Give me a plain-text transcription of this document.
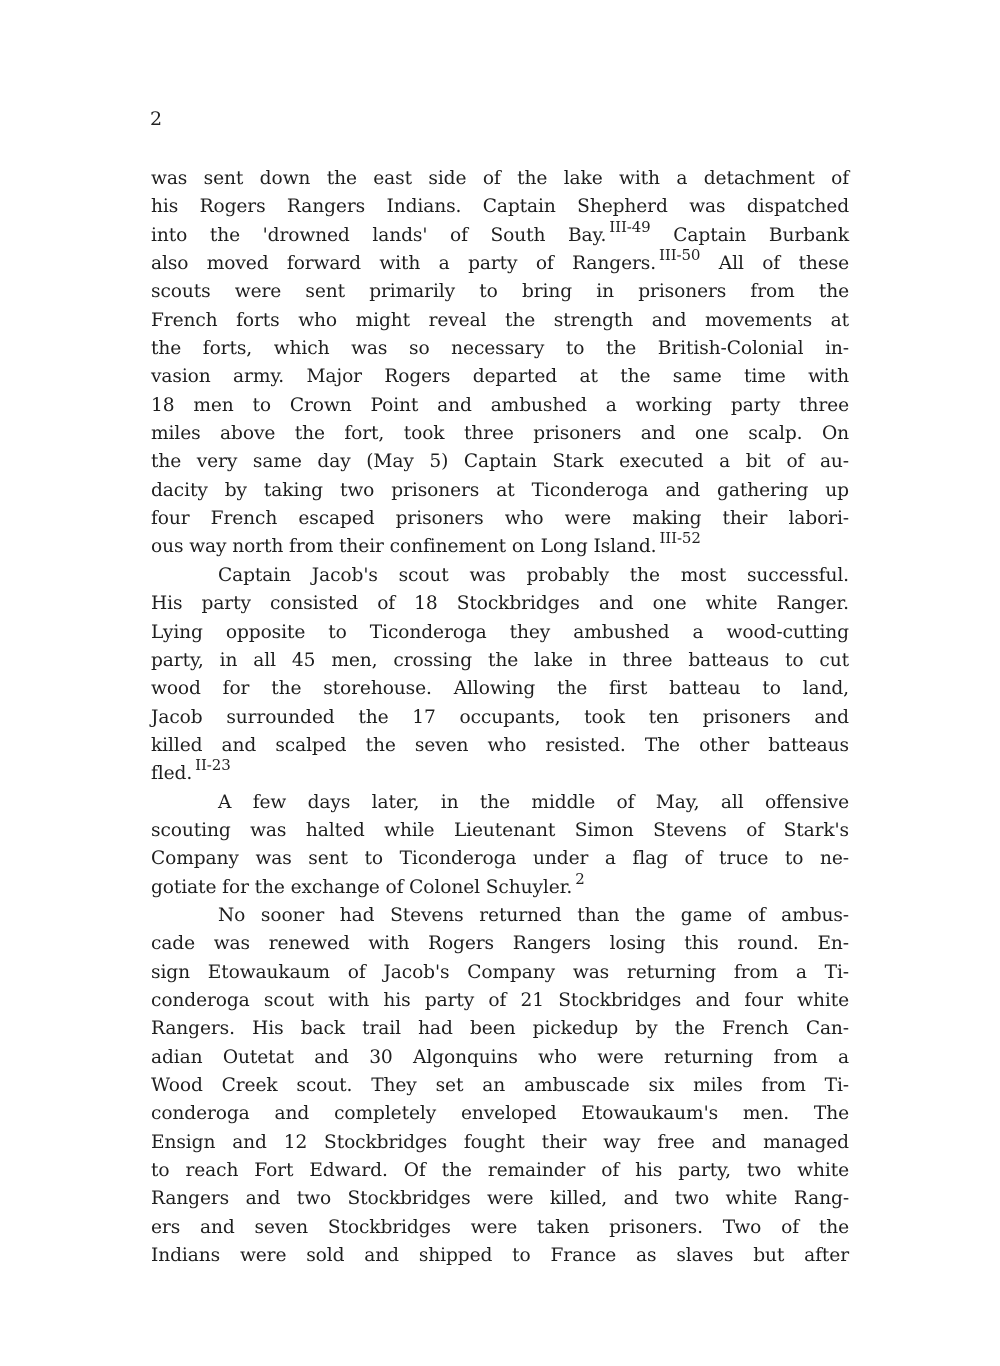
2
was sent down the east side of the lake with a detachment of
his Rogers Rangers Indians. Captain Shepherd was dispatched
into the 'drowned lands' of South Bay. $^{III-49}$ Captain Burbank
also moved forward with a party of Rangers. $^{III-50}$ All of these
scouts were sent primarily to bring in prisoners from the
French forts who might reveal the strength and movements at
the forts, which was so necessary to the British-Colonial in-
vasion army. Major Rogers departed at the same time with
18 men to Crown Point and ambushed a working party three
miles above the fort, took three prisoners and one scalp. On
the very same day (May 5) Captain Stark executed a bit of au-
dacity by taking two prisoners at Ticonderoga and gathering up
four French escaped prisoners who were making their labori-
ous way north from their confinement on Long Island. $^{III-52}$
Captain Jacob's scout was probably the most successful.
His party consisted of 18 Stockbridges and one white Ranger.
Lying opposite to Ticonderoga they ambushed a wood-cutting
party, in all 45 men, crossing the lake in three batteaus to cut
wood for the storehouse. Allowing the first batteau to land,
Jacob surrounded the 17 occupants, took ten prisoners and
killed and scalped the seven who resisted. The other batteaus
fled. $^{II-23}$
A few days later, in the middle of May, all offensive
scouting was halted while Lieutenant Simon Stevens of Stark's
Company was sent to Ticonderoga under a flag of truce to ne-
gotiate for the exchange of Colonel Schuyler. $^2$
No sooner had Stevens returned than the game of ambus-
cade was renewed with Rogers Rangers losing this round. En-
sign Etowaukaum of Jacob's Company was returning from a Ti-
conderoga scout with his party of 21 Stockbridges and four white
Rangers. His back trail had been pickedup by the French Can-
adian Outetat and 30 Algonquins who were returning from a
Wood Creek scout. They set an ambuscade six miles from Ti-
conderoga and completely enveloped Etowaukaum's men. The
Ensign and 12 Stockbridges fought their way free and managed
to reach Fort Edward. Of the remainder of his party, two white
Rangers and two Stockbridges were killed, and two white Rang-
ers and seven Stockbridges were taken prisoners. Two of the
Indians were sold and shipped to France as slaves but after
